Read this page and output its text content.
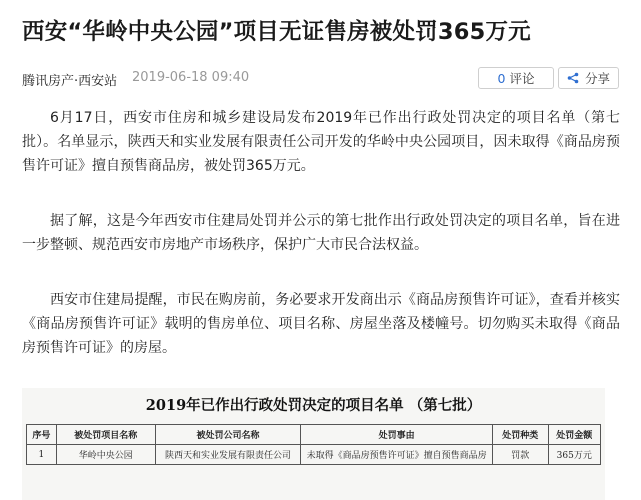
西安“华岭中央公园”项目无证售房被处罚365万元
腾讯房产·西安站 2019-06-18 09:40	0 评论	分享

6月17日，西安市住房和城乡建设局发布2019年已作出行政处罚决定的项目名单（第七批）。名单显示，陕西天和实业发展有限责任公司开发的华岭中央公园项目，因未取得《商品房预售许可证》擅自预售商品房，被处罚365万元。

据了解，这是今年西安市住建局处罚并公示的第七批作出行政处罚决定的项目名单，旨在进一步整顿、规范西安市房地产市场秩序，保护广大市民合法权益。

西安市住建局提醒，市民在购房前，务必要求开发商出示《商品房预售许可证》，查看并核实《商品房预售许可证》载明的售房单位、项目名称、房屋坐落及楼幢号。切勿购买未取得《商品房预售许可证》的房屋。

2019年已作出行政处罚决定的项目名单 （第七批）
序号	被处罚项目名称	被处罚公司名称	处罚事由	处罚种类	处罚金额
1	华岭中央公园	陕西天和实业发展有限责任公司	未取得《商品房预售许可证》擅自预售商品房	罚款	365万元
